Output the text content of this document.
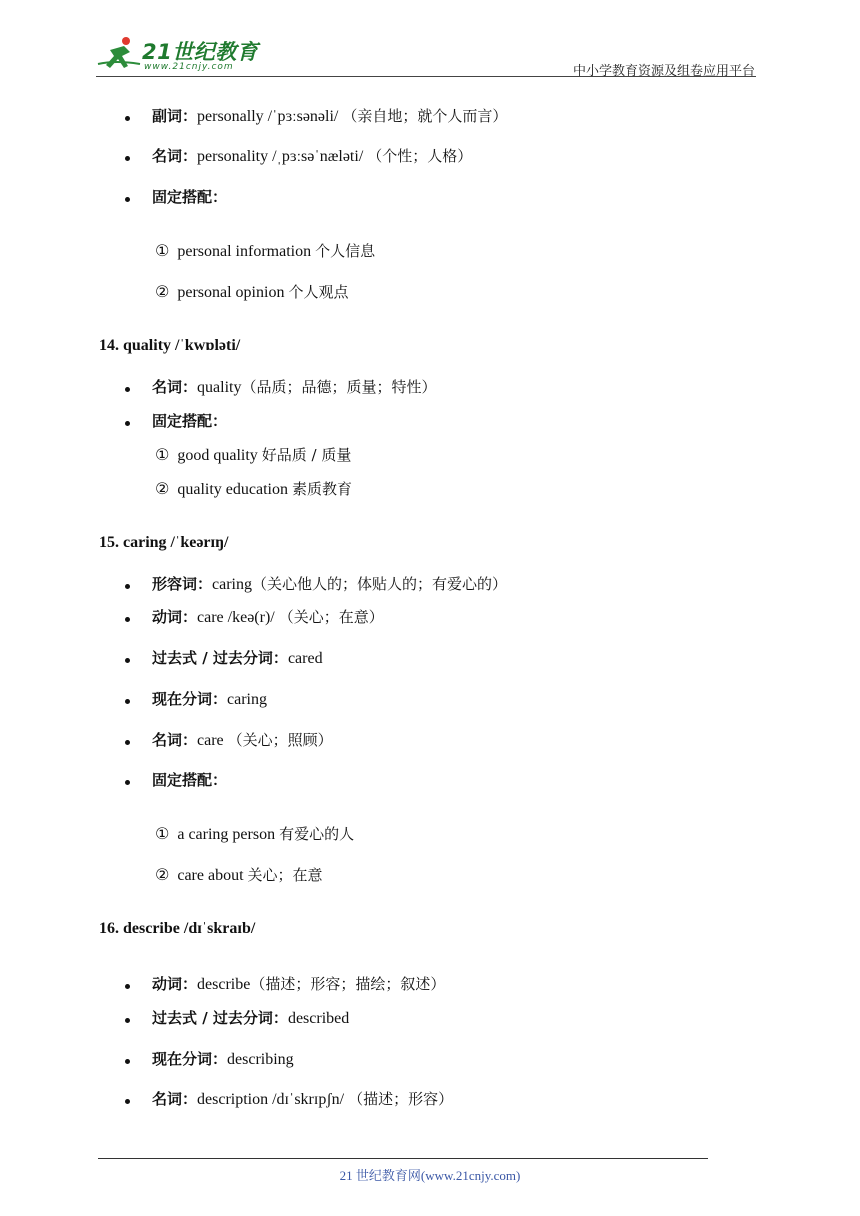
21世纪教育
www.21cnjy.com	中小学教育资源及组卷应用平台
副词：personally /ˈpɜːsənəli/ （亲自地；就个人而言）
名词：personality /ˌpɜːsəˈnæləti/ （个性；人格）
固定搭配：
① personal information 个人信息
② personal opinion 个人观点
14. quality /ˈkwɒləti/
名词：quality（品质；品德；质量；特性）
固定搭配：
① good quality 好品质 / 质量
② quality education 素质教育
15. caring /ˈkeərɪŋ/
形容词：caring（关心他人的；体贴人的；有爱心的）
动词：care /keə(r)/ （关心；在意）
过去式 / 过去分词：cared
现在分词：caring
名词：care （关心；照顾）
固定搭配：
① a caring person 有爱心的人
② care about 关心；在意
16. describe /dɪˈskraɪb/
动词：describe（描述；形容；描绘；叙述）
过去式 / 过去分词：described
现在分词：describing
名词：description /dɪˈskrɪpʃn/ （描述；形容）
21 世纪教育网(www.21cnjy.com)
